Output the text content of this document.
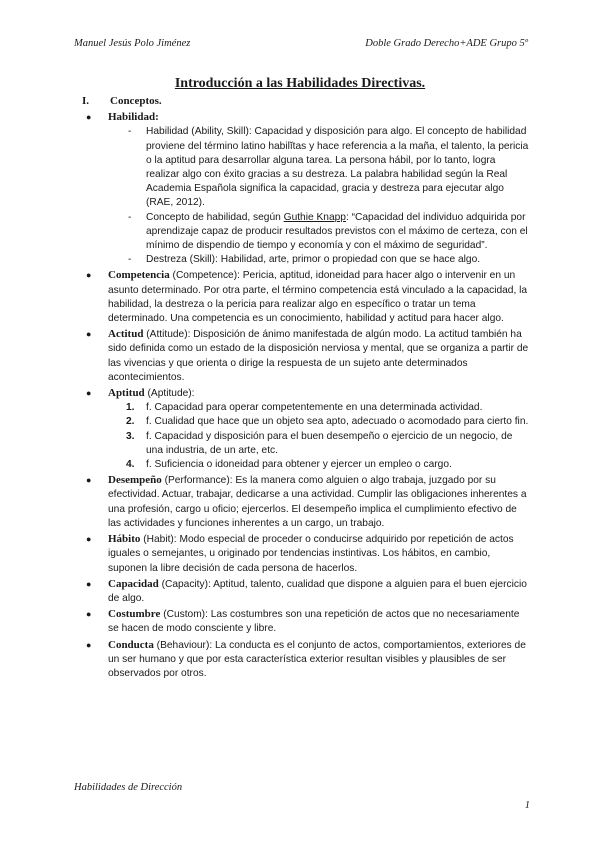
Manuel Jesús Polo Jiménez	Doble Grado Derecho+ADE Grupo 5º
Introducción a las Habilidades Directivas.
I. Conceptos.
● Habilidad:
- Habilidad (Ability, Skill): Capacidad y disposición para algo. El concepto de habilidad proviene del término latino habilĭtas y hace referencia a la maña, el talento, la pericia o la aptitud para desarrollar alguna tarea. La persona hábil, por lo tanto, logra realizar algo con éxito gracias a su destreza. La palabra habilidad según la Real Academia Española significa la capacidad, gracia y destreza para ejecutar algo (RAE, 2012).
- Concepto de habilidad, según Guthie Knapp: “Capacidad del individuo adquirida por aprendizaje capaz de producir resultados previstos con el máximo de certeza, con el mínimo de dispendio de tiempo y economía y con el máximo de seguridad”.
- Destreza (Skill): Habilidad, arte, primor o propiedad con que se hace algo.
● Competencia (Competence): Pericia, aptitud, idoneidad para hacer algo o intervenir en un asunto determinado. Por otra parte, el término competencia está vinculado a la capacidad, la habilidad, la destreza o la pericia para realizar algo en específico o tratar un tema determinado. Una competencia es un conocimiento, habilidad y actitud para hacer algo.
● Actitud (Attitude): Disposición de ánimo manifestada de algún modo. La actitud también ha sido definida como un estado de la disposición nerviosa y mental, que se organiza a partir de las vivencias y que orienta o dirige la respuesta de un sujeto ante determinados acontecimientos.
● Aptitud (Aptitude):
1. f. Capacidad para operar competentemente en una determinada actividad.
2. f. Cualidad que hace que un objeto sea apto, adecuado o acomodado para cierto fin.
3. f. Capacidad y disposición para el buen desempeño o ejercicio de un negocio, de una industria, de un arte, etc.
4. f. Suficiencia o idoneidad para obtener y ejercer un empleo o cargo.
● Desempeño (Performance): Es la manera como alguien o algo trabaja, juzgado por su efectividad. Actuar, trabajar, dedicarse a una actividad. Cumplir las obligaciones inherentes a una profesión, cargo u oficio; ejercerlos. El desempeño implica el cumplimiento efectivo de las actividades y funciones inherentes a un cargo, un trabajo.
● Hábito (Habit): Modo especial de proceder o conducirse adquirido por repetición de actos iguales o semejantes, u originado por tendencias instintivas. Los hábitos, en cambio, suponen la libre decisión de cada persona de hacerlos.
● Capacidad (Capacity): Aptitud, talento, cualidad que dispone a alguien para el buen ejercicio de algo.
● Costumbre (Custom): Las costumbres son una repetición de actos que no necesariamente se hacen de modo consciente y libre.
● Conducta (Behaviour): La conducta es el conjunto de actos, comportamientos, exteriores de un ser humano y que por esta característica exterior resultan visibles y plausibles de ser observados por otros.
Habilidades de Dirección
1
